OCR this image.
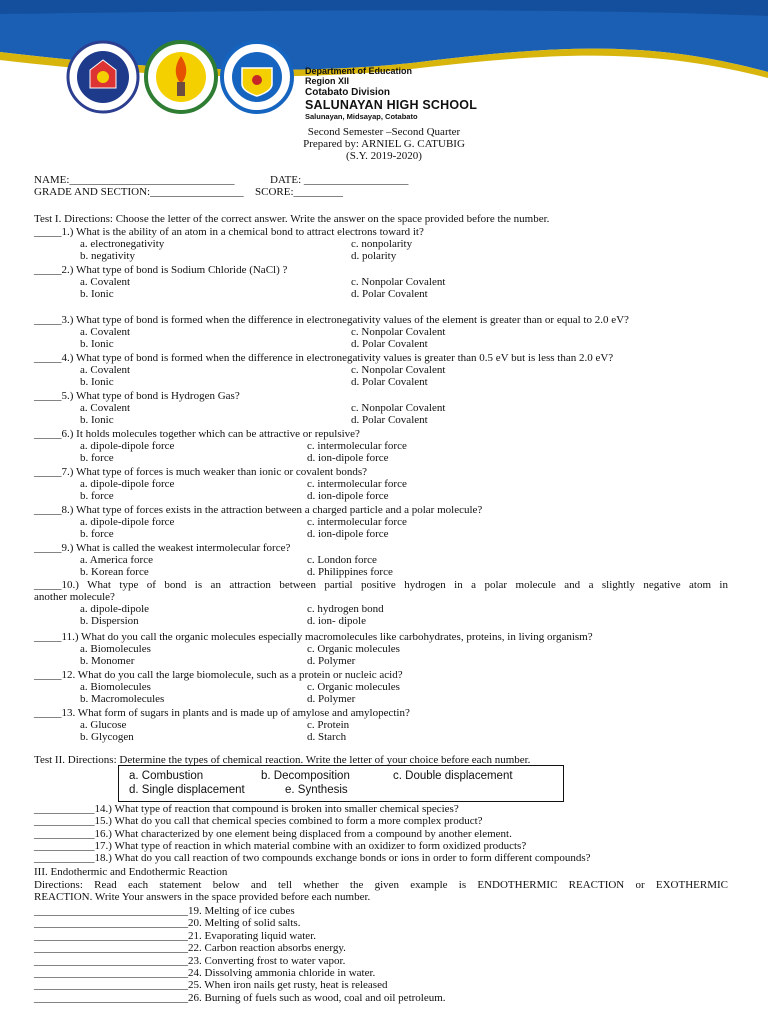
Department of Education
Region XII
Cotabato Division
SALUNAYAN HIGH SCHOOL
Salunayan, Midsayap, Cotabato
Second Semester –Second Quarter
Prepared by: ARNIEL G. CATUBIG
(S.Y. 2019-2020)
NAME:______________________________	DATE: ___________________
GRADE AND SECTION:_________________ SCORE:_________
Test I. Directions: Choose the letter of the correct answer. Write the answer on the space provided before the number.
_____1.) What is the ability of an atom in a chemical bond to attract electrons toward it?
a. electronegativity	c. nonpolarity
b. negativity	d. polarity
_____2.) What type of bond is Sodium Chloride (NaCl) ?
a. Covalent	c. Nonpolar Covalent
b. Ionic	d. Polar Covalent
_____3.) What type of bond is formed when the difference in electronegativity values of the element is greater than or equal to 2.0 eV?
a. Covalent	c. Nonpolar Covalent
b. Ionic	d. Polar Covalent
_____4.) What type of bond is formed when the difference in electronegativity values is greater than 0.5 eV but is less than 2.0 eV?
a. Covalent	c. Nonpolar Covalent
b. Ionic	d. Polar Covalent
_____5.) What type of bond is Hydrogen Gas?
a. Covalent	c. Nonpolar Covalent
b. Ionic	d. Polar Covalent
_____6.) It holds molecules together which can be attractive or repulsive?
a. dipole-dipole force	c. intermolecular force
b. force	d. ion-dipole force
_____7.) What type of forces is much weaker than ionic or covalent bonds?
a. dipole-dipole force	c. intermolecular force
b. force	d. ion-dipole force
_____8.) What type of forces exists in the attraction between a charged particle and a polar molecule?
a. dipole-dipole force	c. intermolecular force
b. force	d. ion-dipole force
_____9.) What is called the weakest intermolecular force?
a. America force	c. London force
b. Korean force	d. Philippines force
_____10.) What type of bond is an attraction between partial positive hydrogen in a polar molecule and a slightly negative atom in
another molecule?
a. dipole-dipole	c. hydrogen bond
b. Dispersion	d. ion- dipole
_____11.) What do you call the organic molecules especially macromolecules like carbohydrates, proteins, in living organism?
a. Biomolecules	c. Organic molecules
b. Monomer	d. Polymer
_____12. What do you call the large biomolecule, such as a protein or nucleic acid?
a. Biomolecules	c. Organic molecules
b. Macromolecules	d. Polymer
_____13. What form of sugars in plants and is made up of amylose and amylopectin?
a. Glucose	c. Protein
b. Glycogen	d. Starch
Test II. Directions: Determine the types of chemical reaction. Write the letter of your choice before each number.
a. Combustion	b. Decomposition	c. Double displacement
d. Single displacement	e. Synthesis
___________14.) What type of reaction that compound is broken into smaller chemical species?
___________15.) What do you call that chemical species combined to form a more complex product?
___________16.) What characterized by one element being displaced from a compound by another element.
___________17.) What type of reaction in which material combine with an oxidizer to form oxidized products?
___________18.) What do you call reaction of two compounds exchange bonds or ions in order to form different compounds?
III. Endothermic and Endothermic Reaction
Directions: Read each statement below and tell whether the given example is ENDOTHERMIC REACTION or EXOTHERMIC
REACTION. Write Your answers in the space provided before each number.
____________________________19. Melting of ice cubes
____________________________20. Melting of solid salts.
____________________________21. Evaporating liquid water.
____________________________22. Carbon reaction absorbs energy.
____________________________23. Converting frost to water vapor.
____________________________24. Dissolving ammonia chloride in water.
____________________________25. When iron nails get rusty, heat is released
____________________________26. Burning of fuels such as wood, coal and oil petroleum.
